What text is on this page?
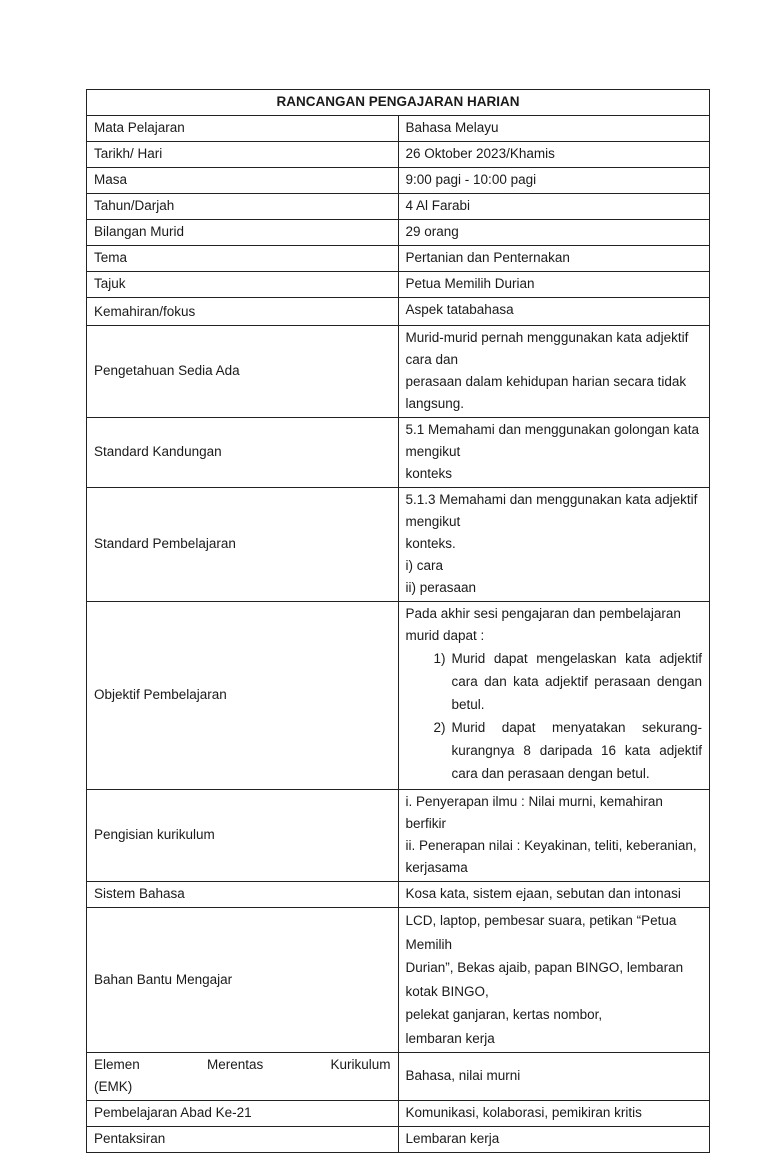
RANCANGAN PENGAJARAN HARIAN	
Mata Pelajaran	Bahasa Melayu
Tarikh/ Hari	26 Oktober 2023/Khamis
Masa	9:00 pagi - 10:00 pagi
Tahun/Darjah	4 Al Farabi
Bilangan Murid	29 orang
Tema	Pertanian dan Penternakan
Tajuk	Petua Memilih Durian
Kemahiran/fokus	Aspek tatabahasa
Pengetahuan Sedia Ada	Murid-murid pernah menggunakan kata adjektif cara dan
perasaan dalam kehidupan harian secara tidak langsung.

Standard Kandungan	5.1 Memahami dan menggunakan golongan kata mengikut
konteks

Standard Pembelajaran	5.1.3 Memahami dan menggunakan kata adjektif mengikut
konteks.
i) cara
ii) perasaan

Objektif Pembelajaran	Pada akhir sesi pengajaran dan pembelajaran murid dapat :
1) Murid dapat mengelaskan kata adjektif cara dan kata adjektif perasaan dengan betul.
2) Murid dapat menyatakan sekurang-kurangnya 8 daripada 16 kata adjektif cara dan perasaan dengan betul.

Pengisian kurikulum	i. Penyerapan ilmu : Nilai murni, kemahiran berfikir
ii. Penerapan nilai : Keyakinan, teliti, keberanian, kerjasama

Sistem Bahasa	Kosa kata, sistem ejaan, sebutan dan intonasi
Bahan Bantu Mengajar	LCD, laptop, pembesar suara, petikan “Petua Memilih
Durian”, Bekas ajaib, papan BINGO, lembaran kotak BINGO,
pelekat ganjaran, kertas nombor,
lembaran kerja

Elemen Merentas Kurikulum
(EMK)	Bahasa, nilai murni
Pembelajaran Abad Ke-21	Komunikasi, kolaborasi, pemikiran kritis
Pentaksiran	Lembaran kerja
